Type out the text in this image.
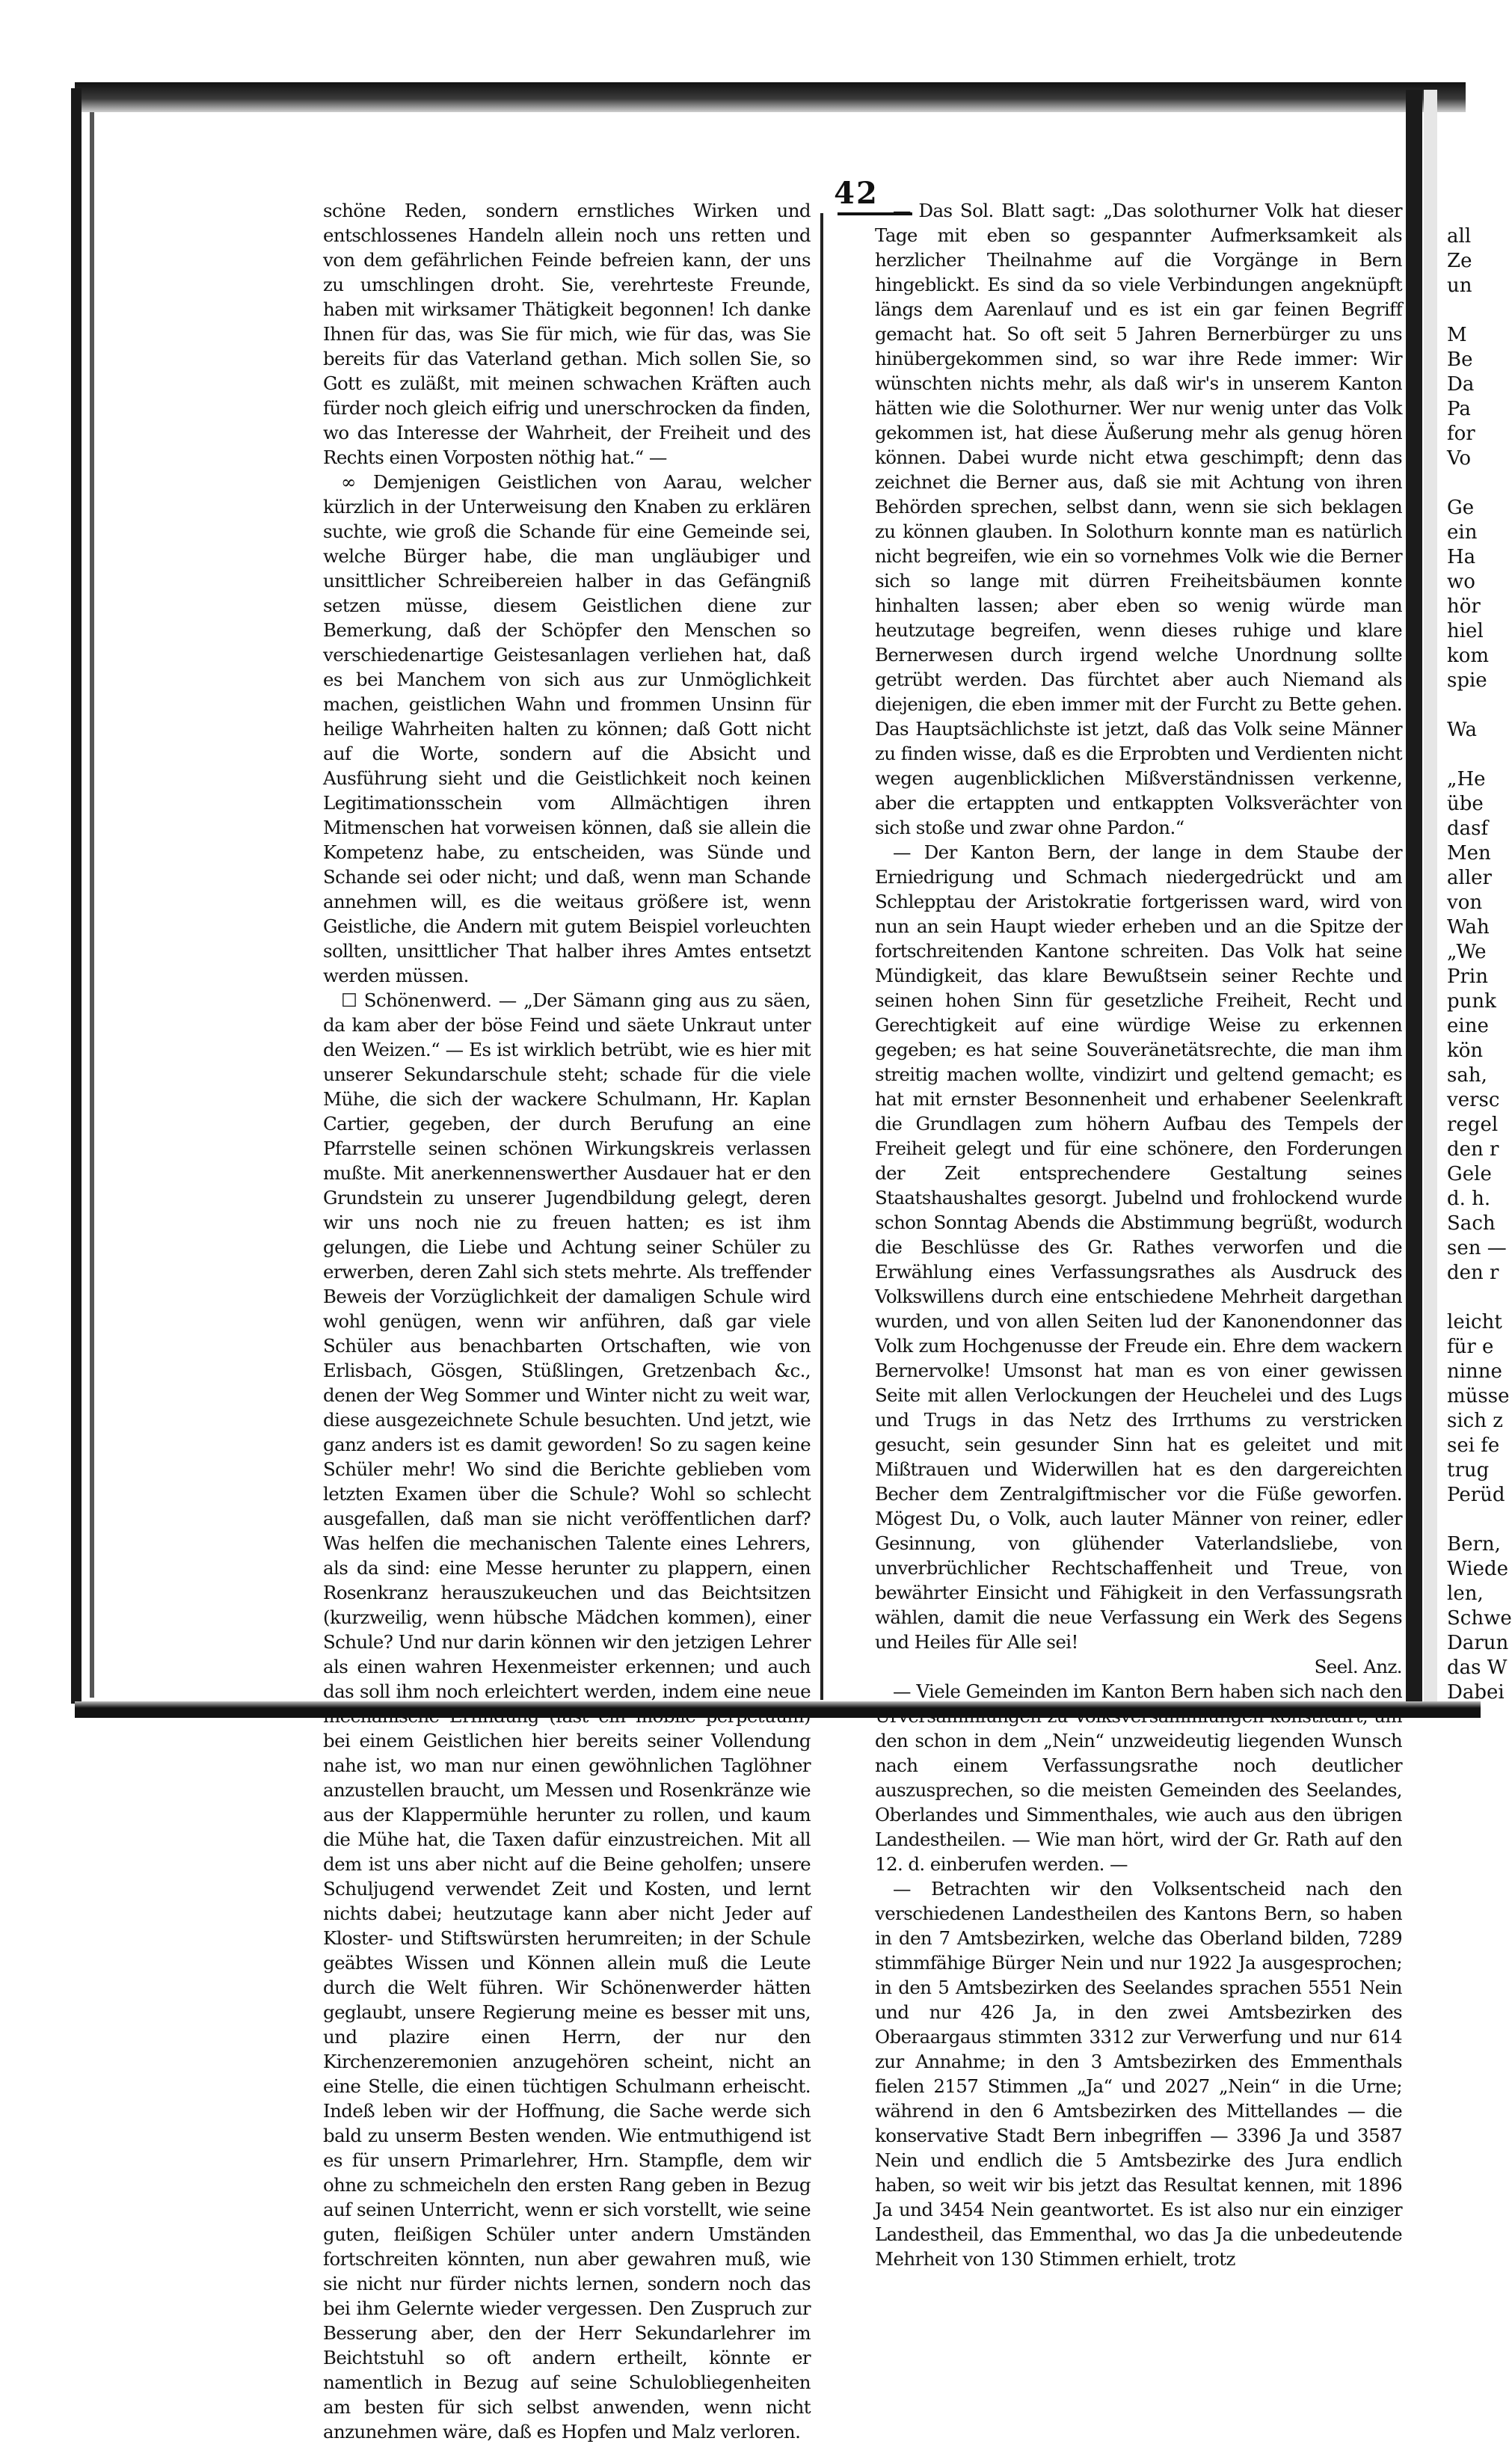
42

schöne Reden, sondern ernstliches Wirken und entschlossenes Handeln allein noch uns retten und von dem gefährlichen Feinde befreien kann, der uns zu umschlingen droht. Sie, verehrteste Freunde, haben mit wirksamer Thätigkeit begonnen! Ich danke Ihnen für das, was Sie für mich, wie für das, was Sie bereits für das Vaterland gethan. Mich sollen Sie, so Gott es zuläßt, mit meinen schwachen Kräften auch fürder noch gleich eifrig und unerschrocken da finden, wo das Interesse der Wahrheit, der Freiheit und des Rechts einen Vorposten nöthig hat.“ —

∞ Demjenigen Geistlichen von Aarau, welcher kürzlich in der Unterweisung den Knaben zu erklären suchte, wie groß die Schande für eine Gemeinde sei, welche Bürger habe, die man ungläubiger und unsittlicher Schreibereien halber in das Gefängniß setzen müsse, diesem Geistlichen diene zur Bemerkung, daß der Schöpfer den Menschen so verschiedenartige Geistesanlagen verliehen hat, daß es bei Manchem von sich aus zur Unmöglichkeit machen, geistlichen Wahn und frommen Unsinn für heilige Wahrheiten halten zu können; daß Gott nicht auf die Worte, sondern auf die Absicht und Ausführung sieht und die Geistlichkeit noch keinen Legitimationsschein vom Allmächtigen ihren Mitmenschen hat vorweisen können, daß sie allein die Kompetenz habe, zu entscheiden, was Sünde und Schande sei oder nicht; und daß, wenn man Schande annehmen will, es die weitaus größere ist, wenn Geistliche, die Andern mit gutem Beispiel vorleuchten sollten, unsittlicher That halber ihres Amtes entsetzt werden müssen.

☐ Schönenwerd. — „Der Sämann ging aus zu säen, da kam aber der böse Feind und säete Unkraut unter den Weizen.“ — Es ist wirklich betrübt, wie es hier mit unserer Sekundarschule steht; schade für die viele Mühe, die sich der wackere Schulmann, Hr. Kaplan Cartier, gegeben, der durch Berufung an eine Pfarrstelle seinen schönen Wirkungskreis verlassen mußte. Mit anerkennenswerther Ausdauer hat er den Grundstein zu unserer Jugendbildung gelegt, deren wir uns noch nie zu freuen hatten; es ist ihm gelungen, die Liebe und Achtung seiner Schüler zu erwerben, deren Zahl sich stets mehrte. Als treffender Beweis der Vorzüglichkeit der damaligen Schule wird wohl genügen, wenn wir anführen, daß gar viele Schüler aus benachbarten Ortschaften, wie von Erlisbach, Gösgen, Stüßlingen, Gretzenbach &c., denen der Weg Sommer und Winter nicht zu weit war, diese ausgezeichnete Schule besuchten. Und jetzt, wie ganz anders ist es damit geworden! So zu sagen keine Schüler mehr! Wo sind die Berichte geblieben vom letzten Examen über die Schule? Wohl so schlecht ausgefallen, daß man sie nicht veröffentlichen darf? Was helfen die mechanischen Talente eines Lehrers, als da sind: eine Messe herunter zu plappern, einen Rosenkranz herauszukeuchen und das Beichtsitzen (kurzweilig, wenn hübsche Mädchen kommen), einer Schule? Und nur darin können wir den jetzigen Lehrer als einen wahren Hexenmeister erkennen; und auch das soll ihm noch erleichtert werden, indem eine neue mechanische Erfindung (fast ein mobile perpetuum) bei einem Geistlichen hier bereits seiner Vollendung nahe ist, wo man nur einen gewöhnlichen Taglöhner anzustellen braucht, um Messen und Rosenkränze wie aus der Klappermühle herunter zu rollen, und kaum die Mühe hat, die Taxen dafür einzustreichen. Mit all dem ist uns aber nicht auf die Beine geholfen; unsere Schuljugend verwendet Zeit und Kosten, und lernt nichts dabei; heutzutage kann aber nicht Jeder auf Kloster- und Stiftswürsten herumreiten; in der Schule geäbtes Wissen und Können allein muß die Leute durch die Welt führen. Wir Schönenwerder hätten geglaubt, unsere Regierung meine es besser mit uns, und plazire einen Herrn, der nur den Kirchenzeremonien anzugehören scheint, nicht an eine Stelle, die einen tüchtigen Schulmann erheischt. Indeß leben wir der Hoffnung, die Sache werde sich bald zu unserm Besten wenden. Wie entmuthigend ist es für unsern Primarlehrer, Hrn. Stampfle, dem wir ohne zu schmeicheln den ersten Rang geben in Bezug auf seinen Unterricht, wenn er sich vorstellt, wie seine guten, fleißigen Schüler unter andern Umständen fortschreiten könnten, nun aber gewahren muß, wie sie nicht nur fürder nichts lernen, sondern noch das bei ihm Gelernte wieder vergessen. Den Zuspruch zur Besserung aber, den der Herr Sekundarlehrer im Beichtstuhl so oft andern ertheilt, könnte er namentlich in Bezug auf seine Schulobliegenheiten am besten für sich selbst anwenden, wenn nicht anzunehmen wäre, daß es Hopfen und Malz verloren.

— Das Sol. Blatt sagt: „Das solothurner Volk hat dieser Tage mit eben so gespannter Aufmerksamkeit als herzlicher Theilnahme auf die Vorgänge in Bern hingeblickt. Es sind da so viele Verbindungen angeknüpft längs dem Aarenlauf und es ist ein gar feinen Begriff gemacht hat. So oft seit 5 Jahren Bernerbürger zu uns hinübergekommen sind, so war ihre Rede immer: Wir wünschten nichts mehr, als daß wir's in unserem Kanton hätten wie die Solothurner. Wer nur wenig unter das Volk gekommen ist, hat diese Äußerung mehr als genug hören können. Dabei wurde nicht etwa geschimpft; denn das zeichnet die Berner aus, daß sie mit Achtung von ihren Behörden sprechen, selbst dann, wenn sie sich beklagen zu können glauben. In Solothurn konnte man es natürlich nicht begreifen, wie ein so vornehmes Volk wie die Berner sich so lange mit dürren Freiheitsbäumen konnte hinhalten lassen; aber eben so wenig würde man heutzutage begreifen, wenn dieses ruhige und klare Bernerwesen durch irgend welche Unordnung sollte getrübt werden. Das fürchtet aber auch Niemand als diejenigen, die eben immer mit der Furcht zu Bette gehen. Das Hauptsächlichste ist jetzt, daß das Volk seine Männer zu finden wisse, daß es die Erprobten und Verdienten nicht wegen augenblicklichen Mißverständnissen verkenne, aber die ertappten und entkappten Volksverächter von sich stoße und zwar ohne Pardon.“

— Der Kanton Bern, der lange in dem Staube der Erniedrigung und Schmach niedergedrückt und am Schlepptau der Aristokratie fortgerissen ward, wird von nun an sein Haupt wieder erheben und an die Spitze der fortschreitenden Kantone schreiten. Das Volk hat seine Mündigkeit, das klare Bewußtsein seiner Rechte und seinen hohen Sinn für gesetzliche Freiheit, Recht und Gerechtigkeit auf eine würdige Weise zu erkennen gegeben; es hat seine Souveränetätsrechte, die man ihm streitig machen wollte, vindizirt und geltend gemacht; es hat mit ernster Besonnenheit und erhabener Seelenkraft die Grundlagen zum höhern Aufbau des Tempels der Freiheit gelegt und für eine schönere, den Forderungen der Zeit entsprechendere Gestaltung seines Staatshaushaltes gesorgt. Jubelnd und frohlockend wurde schon Sonntag Abends die Abstimmung begrüßt, wodurch die Beschlüsse des Gr. Rathes verworfen und die Erwählung eines Verfassungsrathes als Ausdruck des Volkswillens durch eine entschiedene Mehrheit dargethan wurden, und von allen Seiten lud der Kanonendonner das Volk zum Hochgenusse der Freude ein. Ehre dem wackern Bernervolke! Umsonst hat man es von einer gewissen Seite mit allen Verlockungen der Heuchelei und des Lugs und Trugs in das Netz des Irrthums zu verstricken gesucht, sein gesunder Sinn hat es geleitet und mit Mißtrauen und Widerwillen hat es den dargereichten Becher dem Zentralgiftmischer vor die Füße geworfen. Mögest Du, o Volk, auch lauter Männer von reiner, edler Gesinnung, von glühender Vaterlandsliebe, von unverbrüchlicher Rechtschaffenheit und Treue, von bewährter Einsicht und Fähigkeit in den Verfassungsrath wählen, damit die neue Verfassung ein Werk des Segens und Heiles für Alle sei!

Seel. Anz.

— Viele Gemeinden im Kanton Bern haben sich nach den Urversammlungen zu Volksversammlungen konstituirt, um den schon in dem „Nein“ unzweideutig liegenden Wunsch nach einem Verfassungsrathe noch deutlicher auszusprechen, so die meisten Gemeinden des Seelandes, Oberlandes und Simmenthales, wie auch aus den übrigen Landestheilen. — Wie man hört, wird der Gr. Rath auf den 12. d. einberufen werden. —

— Betrachten wir den Volksentscheid nach den verschiedenen Landestheilen des Kantons Bern, so haben in den 7 Amtsbezirken, welche das Oberland bilden, 7289 stimmfähige Bürger Nein und nur 1922 Ja ausgesprochen; in den 5 Amtsbezirken des Seelandes sprachen 5551 Nein und nur 426 Ja, in den zwei Amtsbezirken des Oberaargaus stimmten 3312 zur Verwerfung und nur 614 zur Annahme; in den 3 Amtsbezirken des Emmenthals fielen 2157 Stimmen „Ja“ und 2027 „Nein“ in die Urne; während in den 6 Amtsbezirken des Mittellandes — die konservative Stadt Bern inbegriffen — 3396 Ja und 3587 Nein und endlich die 5 Amtsbezirke des Jura endlich haben, so weit wir bis jetzt das Resultat kennen, mit 1896 Ja und 3454 Nein geantwortet. Es ist also nur ein einziger Landestheil, das Emmenthal, wo das Ja die unbedeutende Mehrheit von 130 Stimmen erhielt, trotz

all
Ze
un
M
Be
Da
Pa
for
Vo
Ge
ein
Ha
wo
hör
hiel
kom
spie
Wa
„He
übe
dasf
Men
aller
von
Wah
„We
Prin
punk
eine
kön
sah,
versc
regel
den r
Gele
d. h.
Sach
sen —
den r
leicht
für e
ninne
müsse
sich z
sei fe
trug
Perüd
Bern,
Wiede
len,
Schwe
Darun
das W
Dabei
